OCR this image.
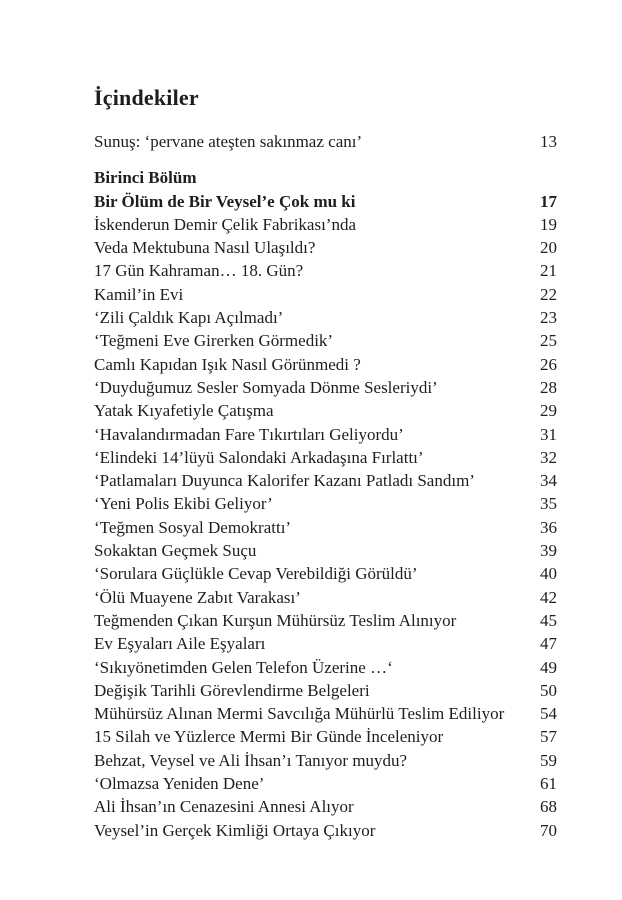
İçindekiler
Sunuş: ‘pervane ateşten sakınmaz canı’	13
Birinci Bölüm
Bir Ölüm de Bir Veysel’e Çok mu ki	17
İskenderun Demir Çelik Fabrikası’nda	19
Veda Mektubuna Nasıl Ulaşıldı?	20
17 Gün Kahraman… 18. Gün?	21
Kamil’in Evi	22
‘Zili Çaldık Kapı Açılmadı’	23
‘Teğmeni Eve Girerken Görmedik’	25
Camlı Kapıdan Işık Nasıl Görünmedi ?	26
‘Duyduğumuz Sesler Somyada Dönme Sesleriydi’	28
Yatak Kıyafetiyle Çatışma	29
‘Havalandırmadan Fare Tıkırtıları Geliyordu’	31
‘Elindeki 14’lüyü Salondaki Arkadaşına Fırlattı’	32
‘Patlamaları Duyunca Kalorifer Kazanı Patladı Sandım’	34
‘Yeni Polis Ekibi Geliyor’	35
‘Teğmen Sosyal Demokrattı’	36
Sokaktan Geçmek Suçu	39
‘Sorulara Güçlükle Cevap Verebildiği Görüldü’	40
‘Ölü Muayene Zabıt Varakası’	42
Teğmenden Çıkan Kurşun Mühürsüz Teslim Alınıyor	45
Ev Eşyaları Aile Eşyaları	47
‘Sıkıyönetimden Gelen Telefon Üzerine …‘	49
Değişik Tarihli Görevlendirme Belgeleri	50
Mühürsüz Alınan Mermi Savcılığa Mühürlü Teslim Ediliyor	54
15 Silah ve Yüzlerce Mermi Bir Günde İnceleniyor	57
Behzat, Veysel ve Ali İhsan’ı Tanıyor muydu?	59
‘Olmazsa Yeniden Dene’	61
Ali İhsan’ın Cenazesini Annesi Alıyor	68
Veysel’in Gerçek Kimliği Ortaya Çıkıyor	70
